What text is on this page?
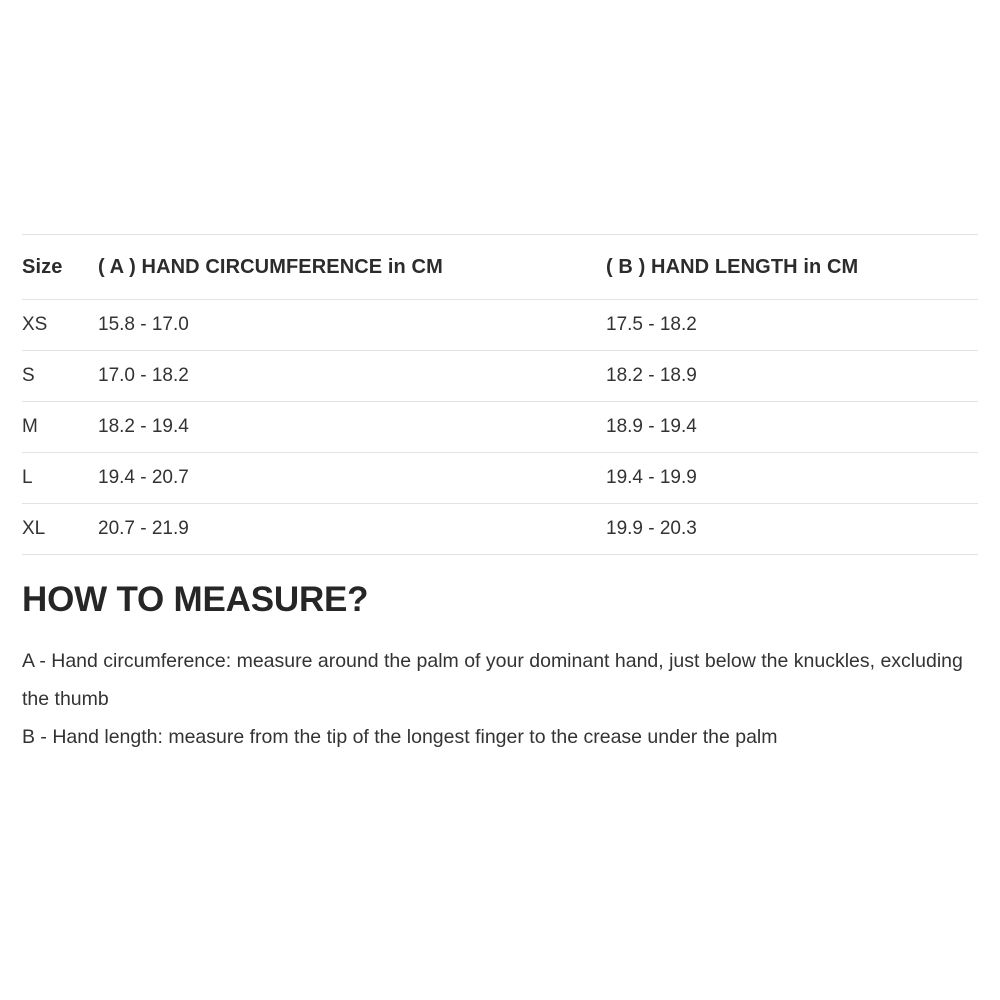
Size	( A ) HAND CIRCUMFERENCE in CM	( B ) HAND LENGTH in CM
XS	15.8 - 17.0	17.5 - 18.2
S	17.0 - 18.2	18.2 - 18.9
M	18.2 - 19.4	18.9 - 19.4
L	19.4 - 20.7	19.4 - 19.9
XL	20.7 - 21.9	19.9 - 20.3
HOW TO MEASURE?
A - Hand circumference: measure around the palm of your dominant hand, just below the knuckles, excluding the thumb
B - Hand length: measure from the tip of the longest finger to the crease under the palm
